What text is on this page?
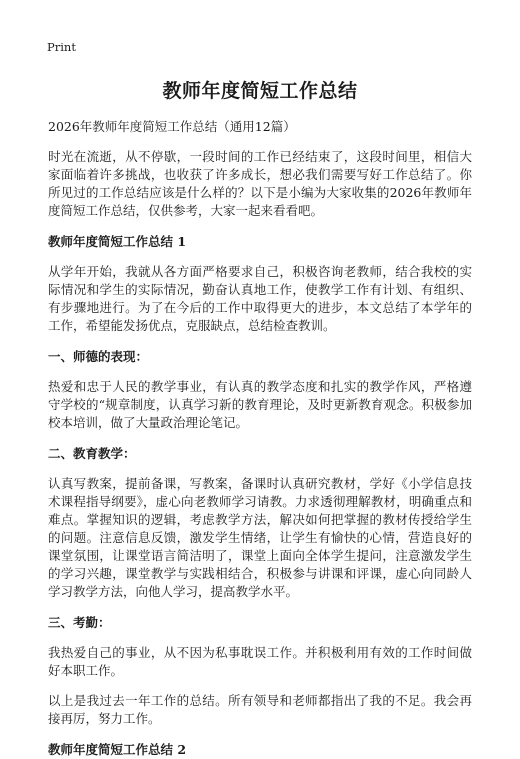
Print
教师年度简短工作总结

2026年教师年度简短工作总结（通用12篇）

时光在流逝，从不停歇，一段时间的工作已经结束了，这段时间里，相信大家面临着许多挑战，也收获了许多成长，想必我们需要写好工作总结了。你所见过的工作总结应该是什么样的？以下是小编为大家收集的2026年教师年度简短工作总结，仅供参考，大家一起来看看吧。

教师年度简短工作总结 1

从学年开始，我就从各方面严格要求自己，积极咨询老教师，结合我校的实际情况和学生的实际情况，勤奋认真地工作，使教学工作有计划、有组织、有步骤地进行。为了在今后的工作中取得更大的进步，本文总结了本学年的工作，希望能发扬优点，克服缺点，总结检查教训。

一、师德的表现：

热爱和忠于人民的教学事业，有认真的教学态度和扎实的教学作风，严格遵守学校的“规章制度，认真学习新的教育理论，及时更新教育观念。积极参加校本培训，做了大量政治理论笔记。

二、教育教学：

认真写教案，提前备课，写教案，备课时认真研究教材，学好《小学信息技术课程指导纲要》，虚心向老教师学习请教。力求透彻理解教材，明确重点和难点。掌握知识的逻辑，考虑教学方法，解决如何把掌握的教材传授给学生的问题。注意信息反馈，激发学生情绪，让学生有愉快的心情，营造良好的课堂氛围，让课堂语言简洁明了，课堂上面向全体学生提问，注意激发学生的学习兴趣，课堂教学与实践相结合，积极参与讲课和评课，虚心向同龄人学习教学方法，向他人学习，提高教学水平。

三、考勤：

我热爱自己的事业，从不因为私事耽误工作。并积极利用有效的工作时间做好本职工作。

以上是我过去一年工作的总结。所有领导和老师都指出了我的不足。我会再接再厉，努力工作。

教师年度简短工作总结 2
